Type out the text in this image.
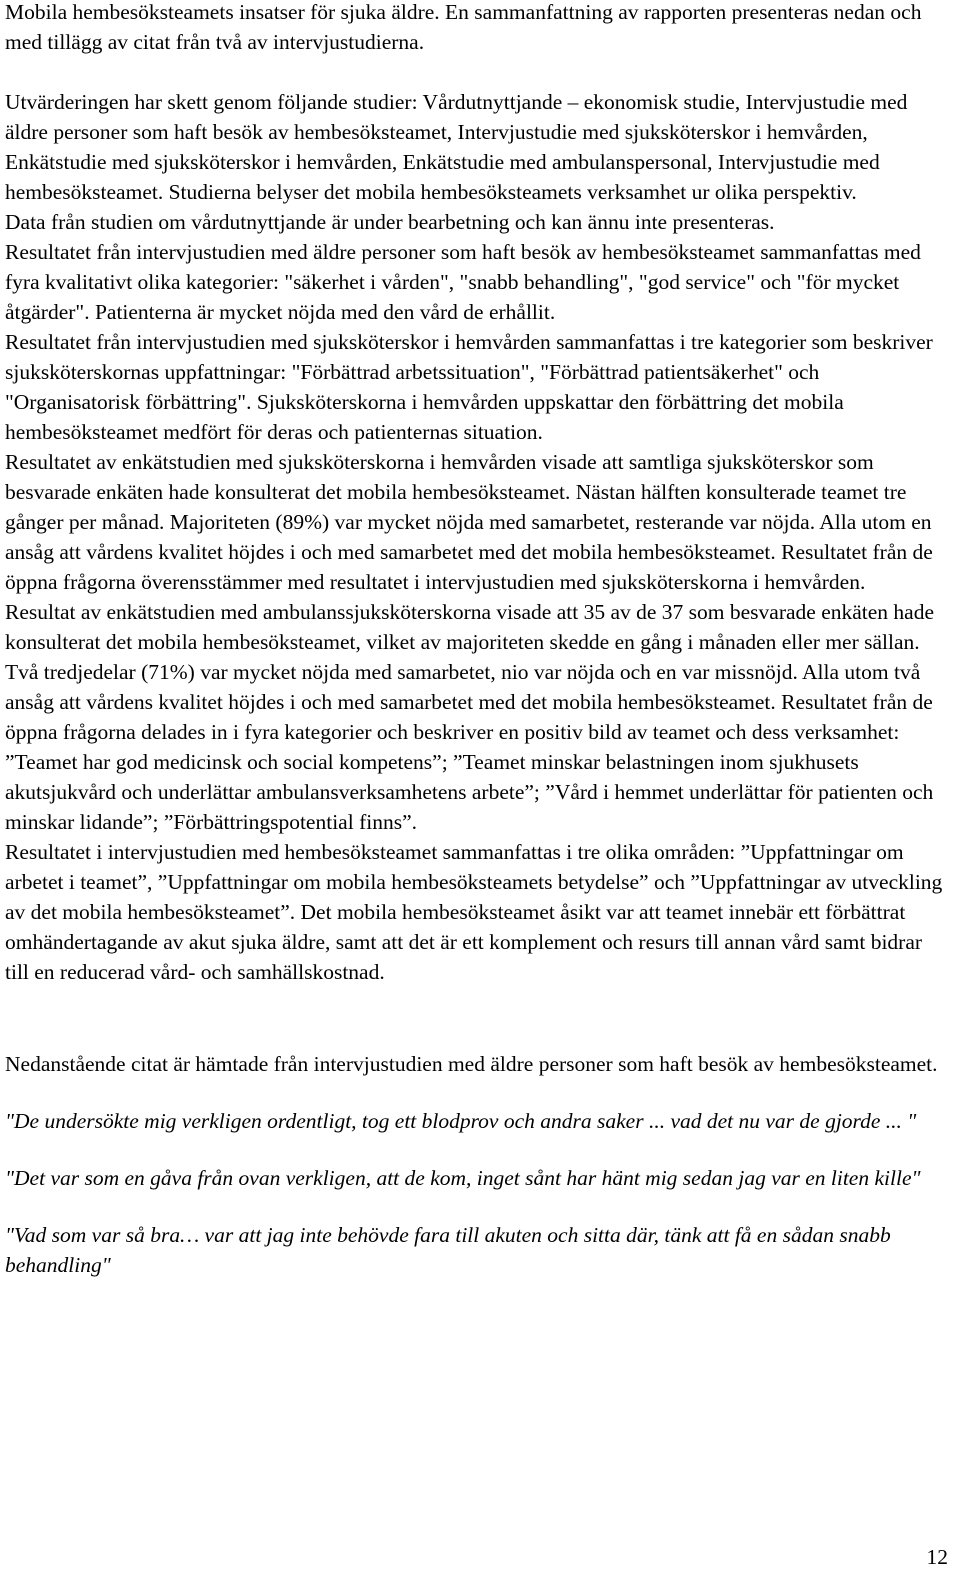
Mobila hembesöksteamets insatser för sjuka äldre. En sammanfattning av rapporten presenteras nedan och med tillägg av citat från två av intervjustudierna.

Utvärderingen har skett genom följande studier: Vårdutnyttjande – ekonomisk studie, Intervjustudie med äldre personer som haft besök av hembesöksteamet, Intervjustudie med sjuksköterskor i hemvården, Enkätstudie med sjuksköterskor i hemvården, Enkätstudie med ambulanspersonal, Intervjustudie med hembesöksteamet. Studierna belyser det mobila hembesöksteamets verksamhet ur olika perspektiv.

Data från studien om vårdutnyttjande är under bearbetning och kan ännu inte presenteras.

Resultatet från intervjustudien med äldre personer som haft besök av hembesöksteamet sammanfattas med fyra kvalitativt olika kategorier: "säkerhet i vården", "snabb behandling", "god service" och "för mycket åtgärder". Patienterna är mycket nöjda med den vård de erhållit.

Resultatet från intervjustudien med sjuksköterskor i hemvården sammanfattas i tre kategorier som beskriver sjuksköterskornas uppfattningar: "Förbättrad arbetssituation", "Förbättrad patientsäkerhet" och "Organisatorisk förbättring". Sjuksköterskorna i hemvården uppskattar den förbättring det mobila hembesöksteamet medfört för deras och patienternas situation.

Resultatet av enkätstudien med sjuksköterskorna i hemvården visade att samtliga sjuksköterskor som besvarade enkäten hade konsulterat det mobila hembesöksteamet. Nästan hälften konsulterade teamet tre gånger per månad. Majoriteten (89%) var mycket nöjda med samarbetet, resterande var nöjda. Alla utom en ansåg att vårdens kvalitet höjdes i och med samarbetet med det mobila hembesöksteamet. Resultatet från de öppna frågorna överensstämmer med resultatet i intervjustudien med sjuksköterskorna i hemvården.

Resultat av enkätstudien med ambulanssjuksköterskorna visade att 35 av de 37 som besvarade enkäten hade konsulterat det mobila hembesöksteamet, vilket av majoriteten skedde en gång i månaden eller mer sällan. Två tredjedelar (71%) var mycket nöjda med samarbetet, nio var nöjda och en var missnöjd. Alla utom två ansåg att vårdens kvalitet höjdes i och med samarbetet med det mobila hembesöksteamet. Resultatet från de öppna frågorna delades in i fyra kategorier och beskriver en positiv bild av teamet och dess verksamhet: ”Teamet har god medicinsk och social kompetens”; ”Teamet minskar belastningen inom sjukhusets akutsjukvård och underlättar ambulansverksamhetens arbete”; ”Vård i hemmet underlättar för patienten och minskar lidande”; ”Förbättringspotential finns”.

Resultatet i intervjustudien med hembesöksteamet sammanfattas i tre olika områden: ”Uppfattningar om arbetet i teamet”, ”Uppfattningar om mobila hembesöksteamets betydelse” och ”Uppfattningar av utveckling av det mobila hembesöksteamet”. Det mobila hembesöksteamet åsikt var att teamet innebär ett förbättrat omhändertagande av akut sjuka äldre, samt att det är ett komplement och resurs till annan vård samt bidrar till en reducerad vård- och samhällskostnad.

Nedanstående citat är hämtade från intervjustudien med äldre personer som haft besök av hembesöksteamet.

"De undersökte mig verkligen ordentligt, tog ett blodprov och andra saker ... vad det nu var de gjorde ... "

"Det var som en gåva från ovan verkligen, att de kom, inget sånt har hänt mig sedan jag var en liten kille"

"Vad som var så bra… var att jag inte behövde fara till akuten och sitta där, tänk att få en sådan snabb behandling"

12
